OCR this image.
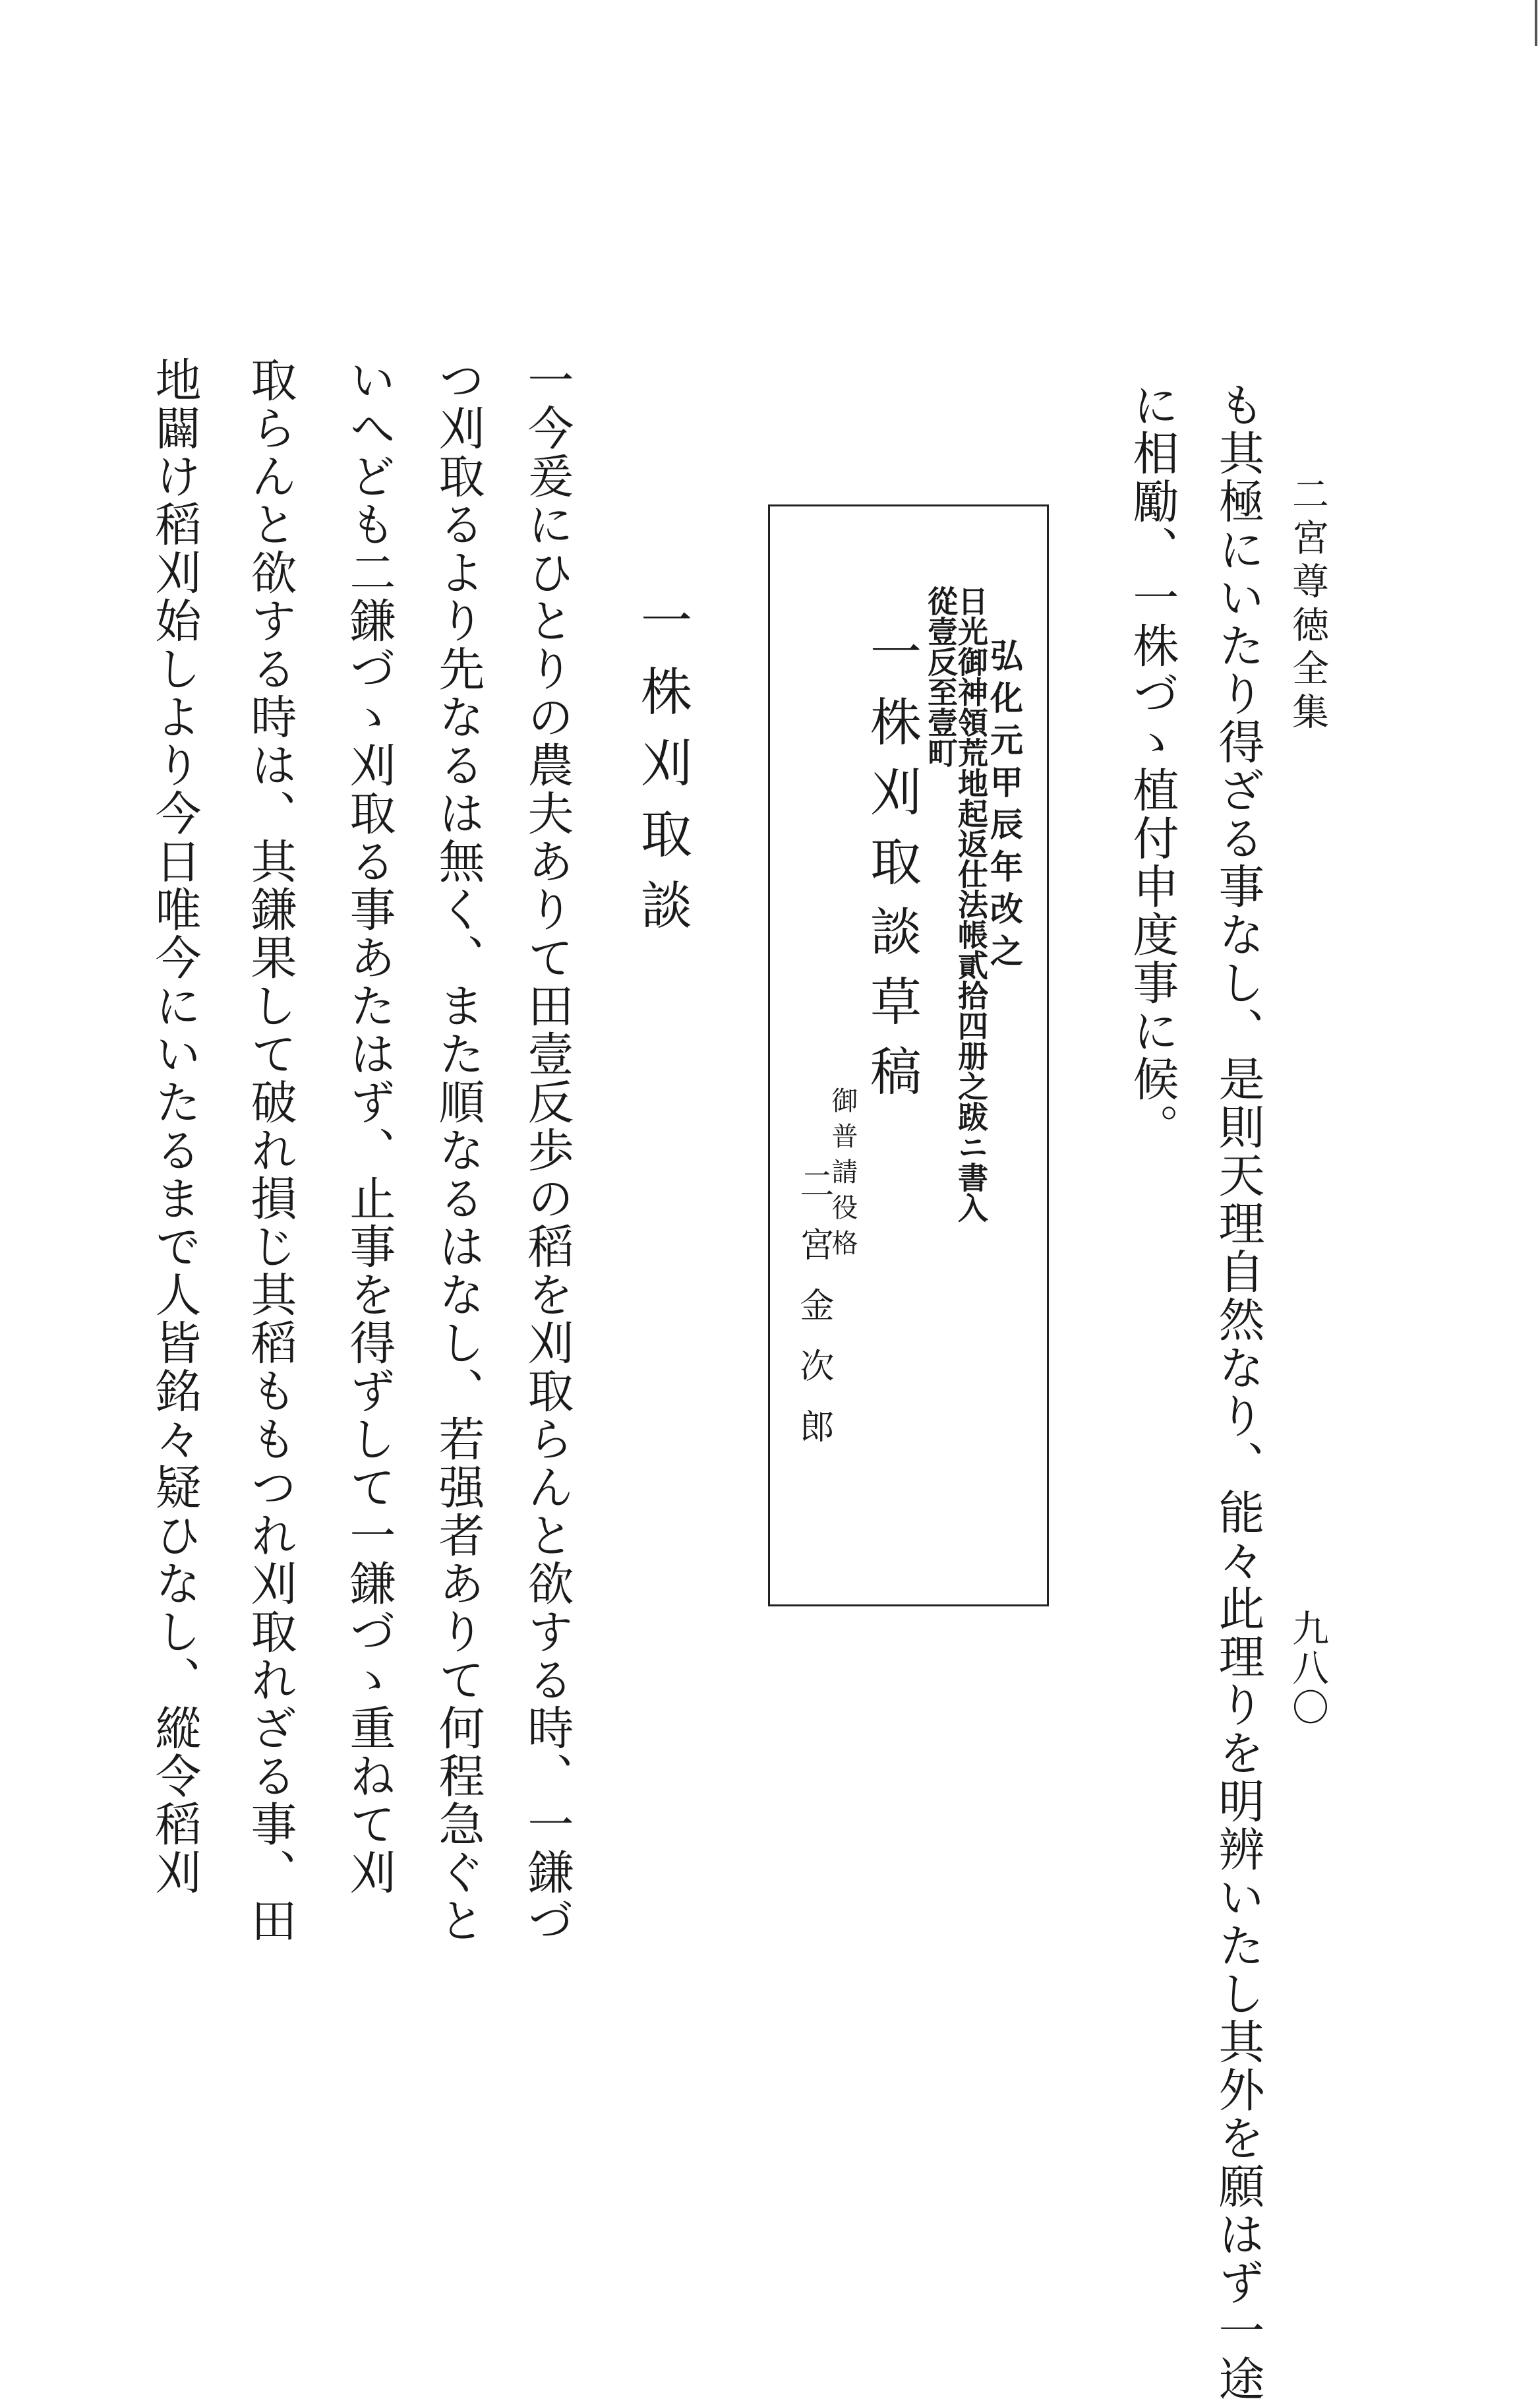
二宮尊徳全集
九八〇
も其極にいたり得ざる事なし、是則天理自然なり、能々此理りを明辨いたし其外を願はず一途
に相勵、一株づゝ植付申度事に候。
弘化元甲辰年改之
日光御神領荒地起返仕法帳貳拾四册之跋ニ書入
從壹反至壹町
一株刈取談草稿
御普請役格
二宮金次郎
一株刈取談
一今爰にひとりの農夫ありて田壹反歩の稻を刈取らんと欲する時、一鎌づ
つ刈取るより先なるは無く、また順なるはなし、若强者ありて何程急ぐと
いへども二鎌づゝ刈取る事あたはず、止事を得ずして一鎌づゝ重ねて刈
取らんと欲する時は、其鎌果して破れ損じ其稻ももつれ刈取れざる事、田
地闢け稻刈始しより今日唯今にいたるまで人皆銘々疑ひなし、縱令稻刈
